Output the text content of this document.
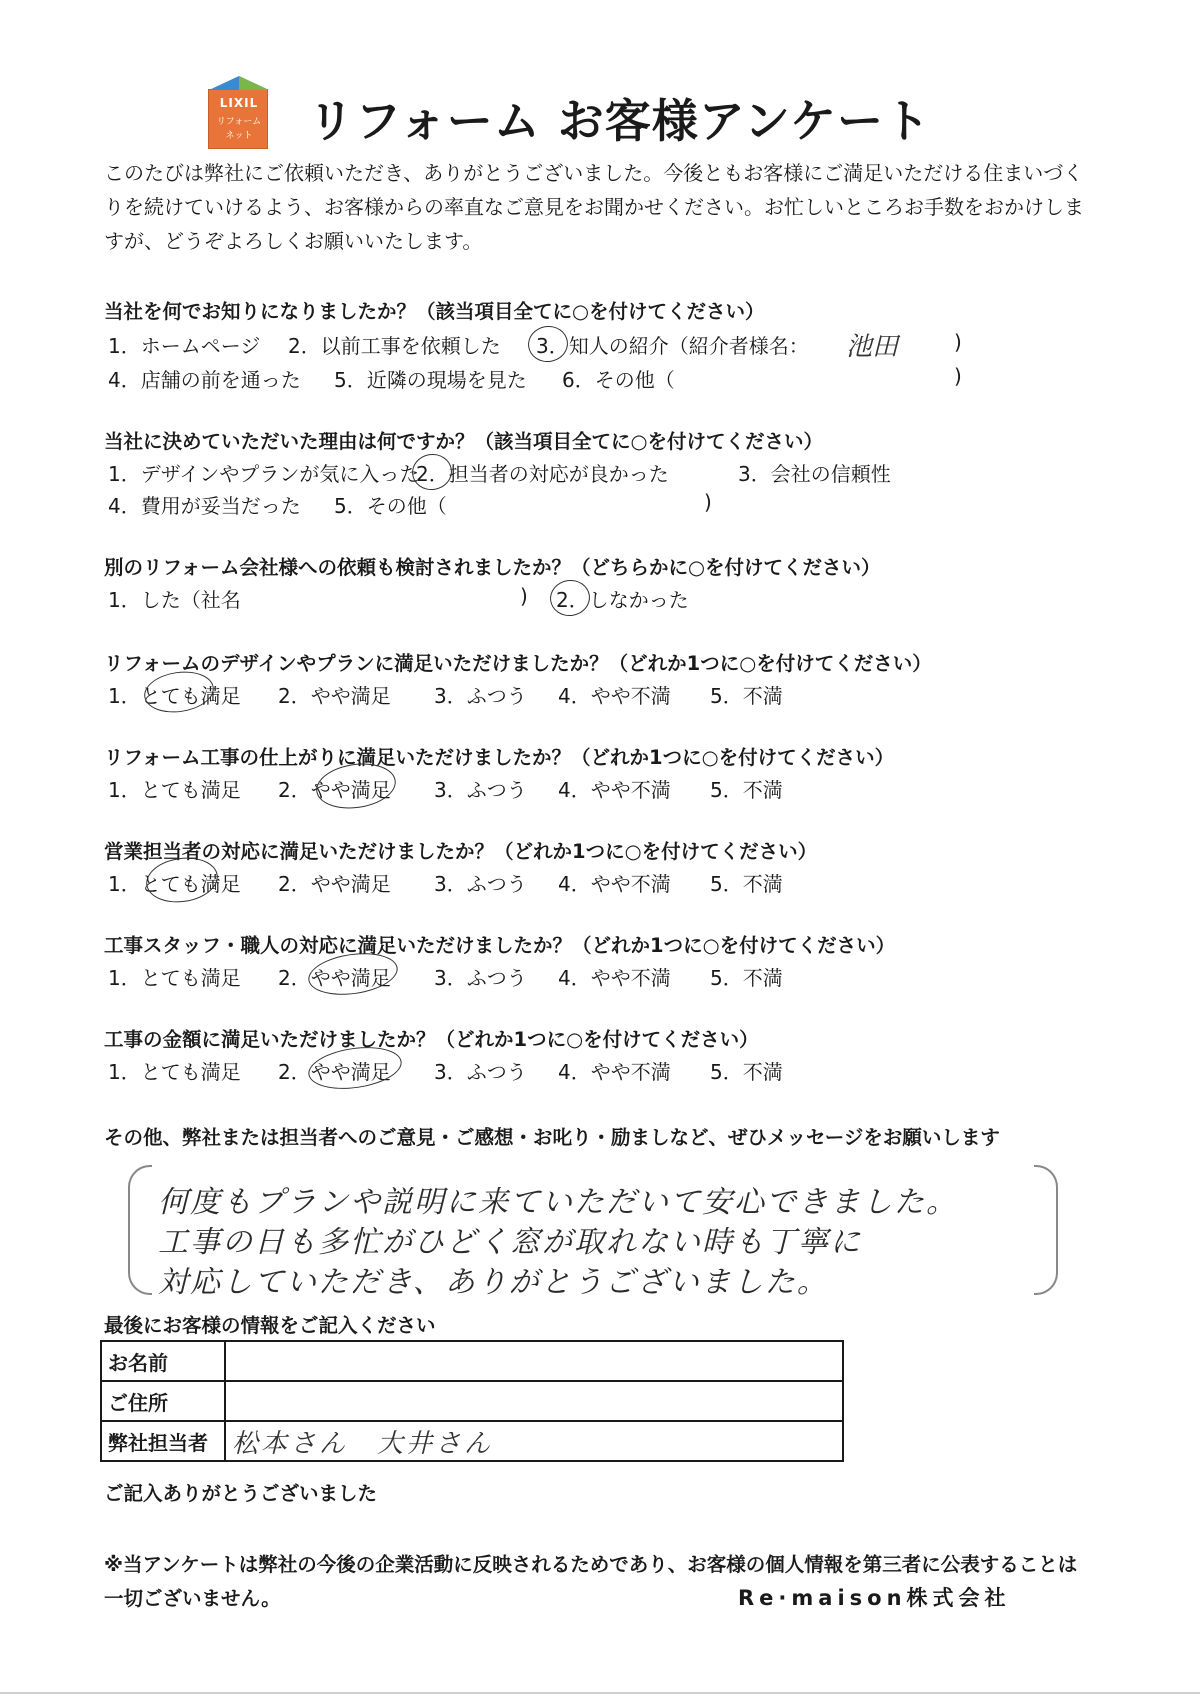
LIXIL
リフォーム
ネット	リフォーム お客様アンケート

このたびは弊社にご依頼いただき、ありがとうございました。今後ともお客様にご満足いただける住まいづくりを続けていけるよう、お客様からの率直なご意見をお聞かせください。お忙しいところお手数をおかけしますが、どうぞよろしくお願いいたします。

当社を何でお知りになりましたか？（該当項目全てに○を付けてください）
1．ホームページ 2．以前工事を依頼した 3．知人の紹介（紹介者様名： 池田	)
4．店舗の前を通った 5．近隣の現場を見た 6．その他（	)
当社に決めていただいた理由は何ですか？（該当項目全てに○を付けてください）
1．デザインやプランが気に入った
2．担当者の対応が良かった	3．会社の信頼性
4．費用が妥当だった 5．その他（	)
別のリフォーム会社様への依頼も検討されましたか？（どちらかに○を付けてください）
1．した（社名	) 2．しなかった
リフォームのデザインやプランに満足いただけましたか？（どれか1つに○を付けてください）
1．とても満足 2．やや満足 3．ふつう 4．やや不満 5．不満
リフォーム工事の仕上がりに満足いただけましたか？（どれか1つに○を付けてください）
1．とても満足 2．やや満足 3．ふつう 4．やや不満 5．不満
営業担当者の対応に満足いただけましたか？（どれか1つに○を付けてください）
1．とても満足 2．やや満足 3．ふつう 4．やや不満 5．不満
工事スタッフ・職人の対応に満足いただけましたか？（どれか1つに○を付けてください）
1．とても満足 2．やや満足 3．ふつう 4．やや不満 5．不満
工事の金額に満足いただけましたか？（どれか1つに○を付けてください）
1．とても満足 2．やや満足 3．ふつう 4．やや不満 5．不満
その他、弊社または担当者へのご意見・ご感想・お叱り・励ましなど、ぜひメッセージをお願いします
何度もプランや説明に来ていただいて安心できました。
工事の日も多忙がひどく窓が取れない時も丁寧に
対応していただき、ありがとうございました。
最後にお客様の情報をご記入ください
お名前	
ご住所	
弊社担当者	松本さん　大井さん
ご記入ありがとうございました

※当アンケートは弊社の今後の企業活動に反映されるためであり、お客様の個人情報を第三者に公表することは一切ございません。	Re·maison株式会社
